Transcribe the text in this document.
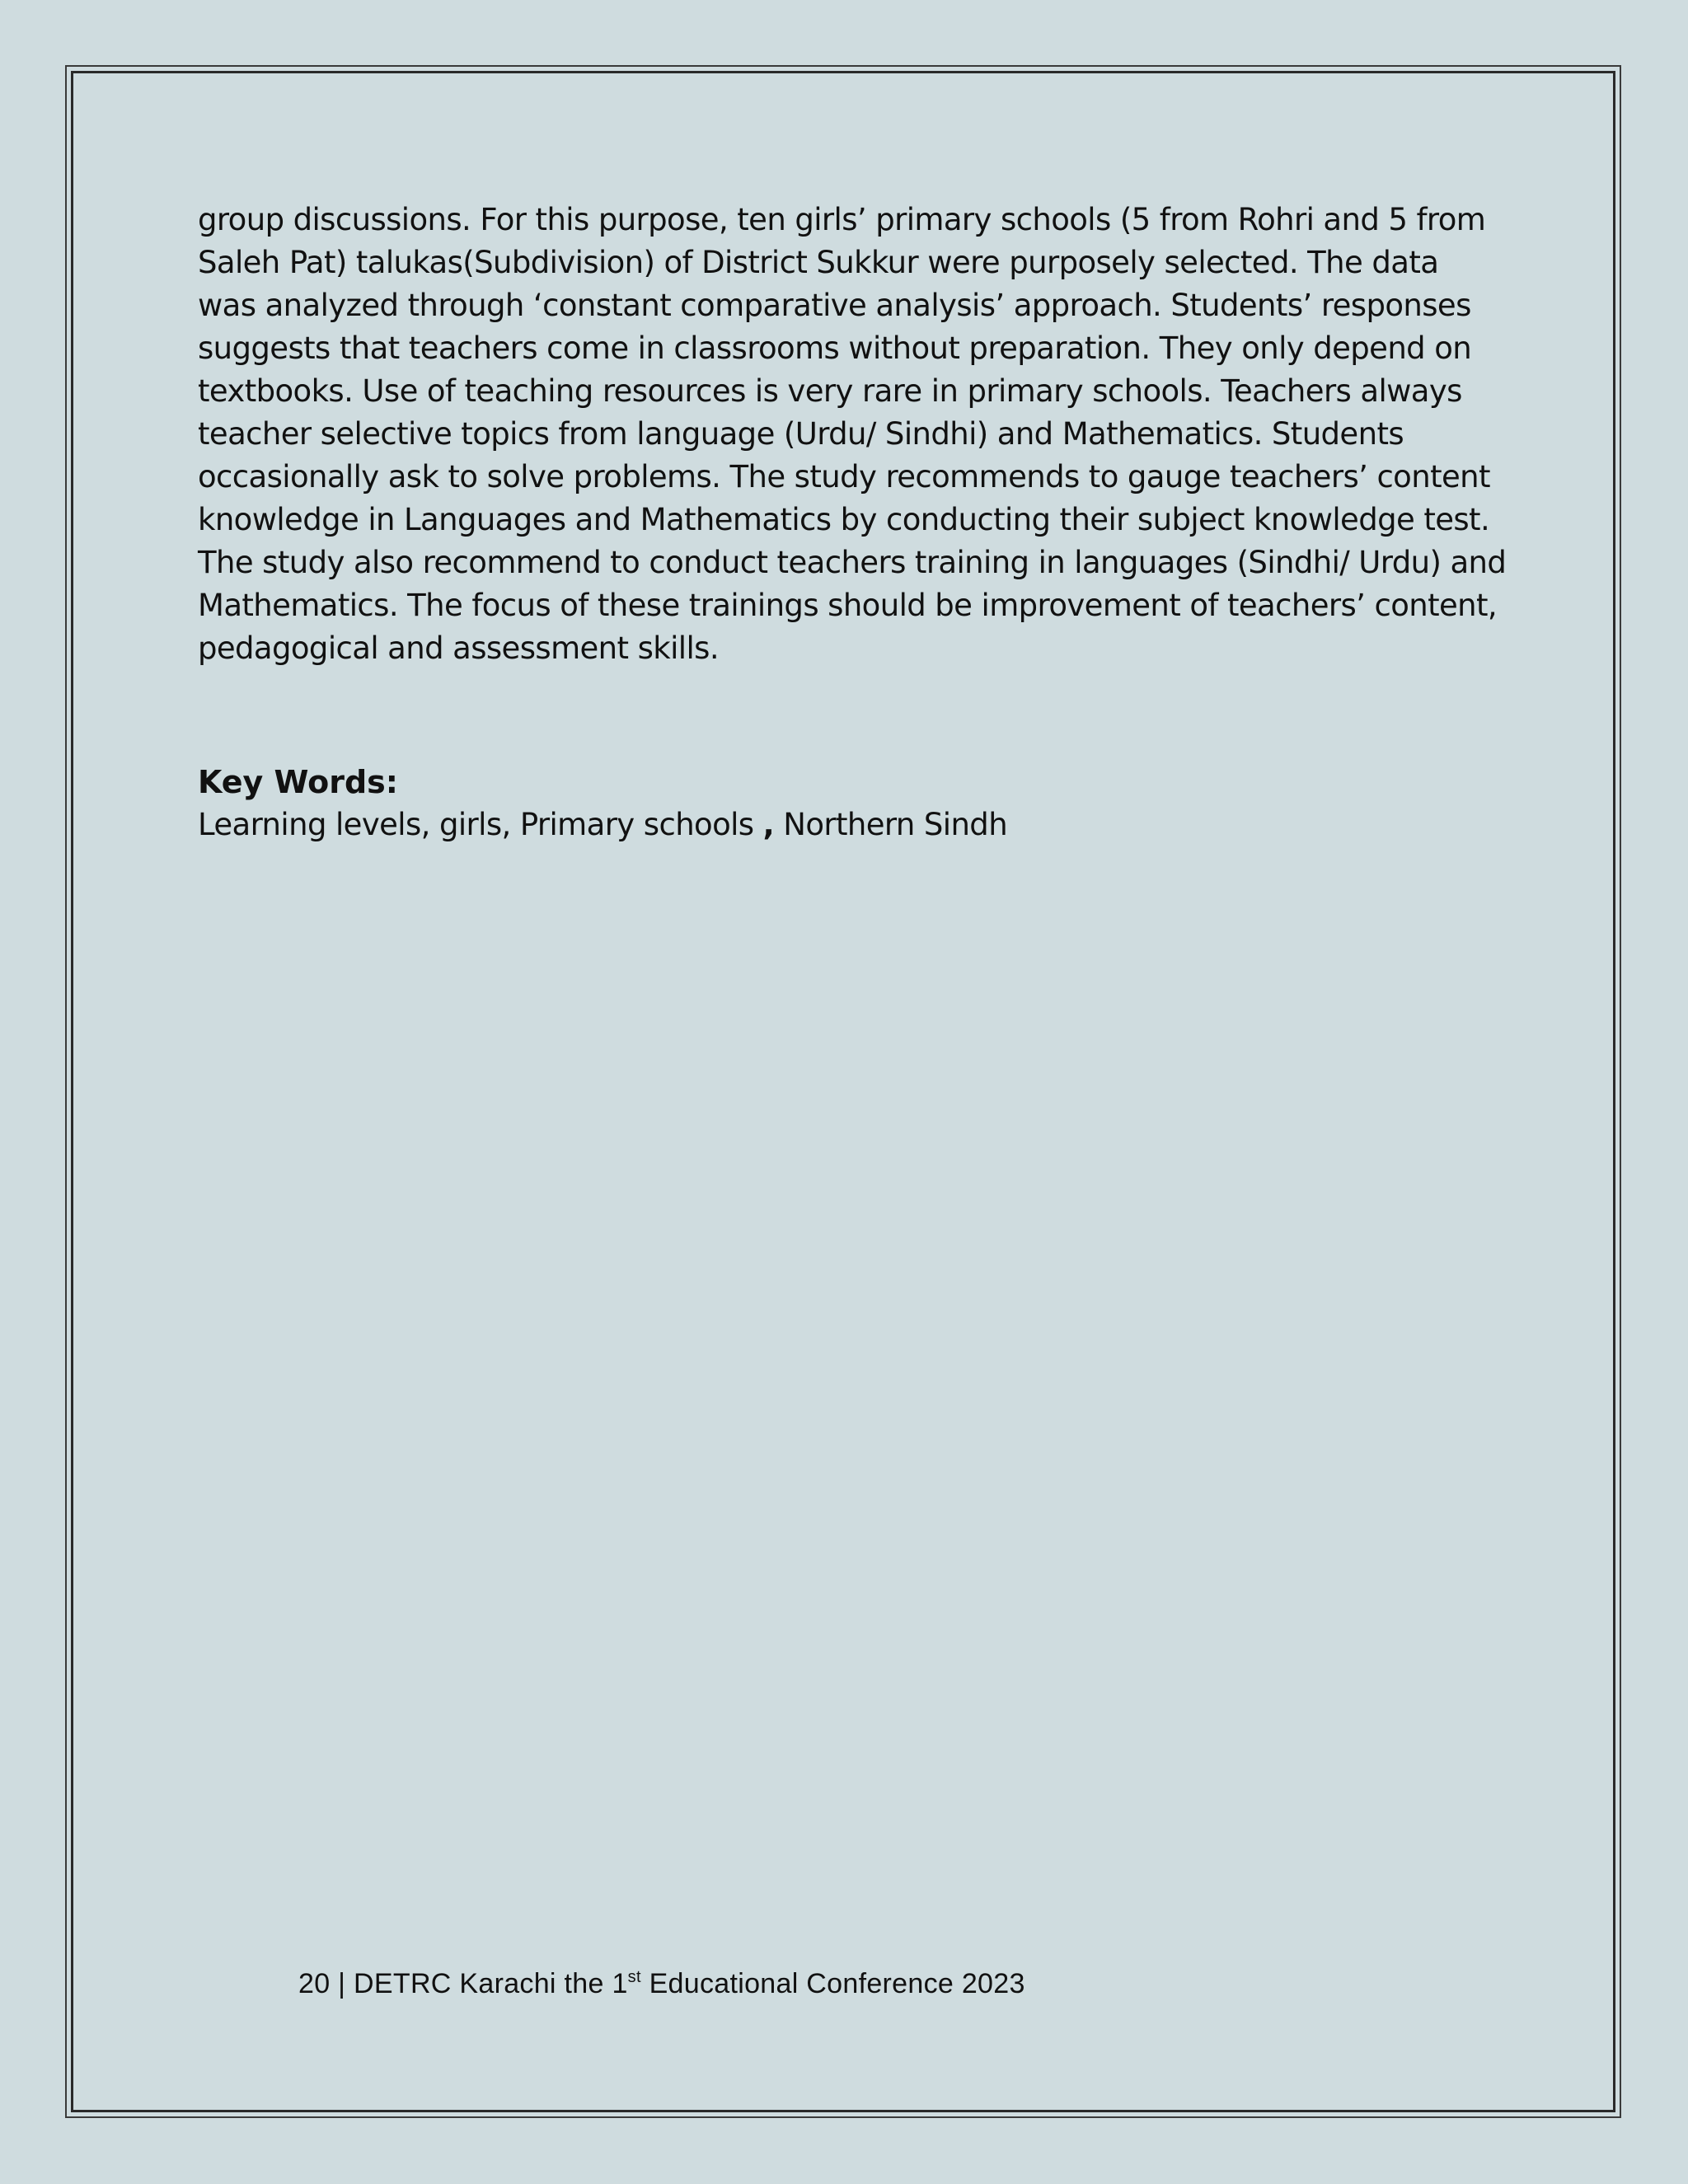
group discussions. For this purpose, ten girls’ primary schools (5 from Rohri and 5 from
Saleh Pat) talukas(Subdivision) of District Sukkur were purposely selected. The data
was analyzed through ‘constant comparative analysis’ approach. Students’ responses
suggests that teachers come in classrooms without preparation. They only depend on
textbooks. Use of teaching resources is very rare in primary schools. Teachers always
teacher selective topics from language (Urdu/ Sindhi) and Mathematics. Students
occasionally ask to solve problems. The study recommends to gauge teachers’ content
knowledge in Languages and Mathematics by conducting their subject knowledge test.
The study also recommend to conduct teachers training in languages (Sindhi/ Urdu) and
Mathematics. The focus of these trainings should be improvement of teachers’ content,
pedagogical and assessment skills.

Key Words:

Learning levels, girls, Primary schools , Northern Sindh

20 | DETRC Karachi the 1st Educational Conference 2023
